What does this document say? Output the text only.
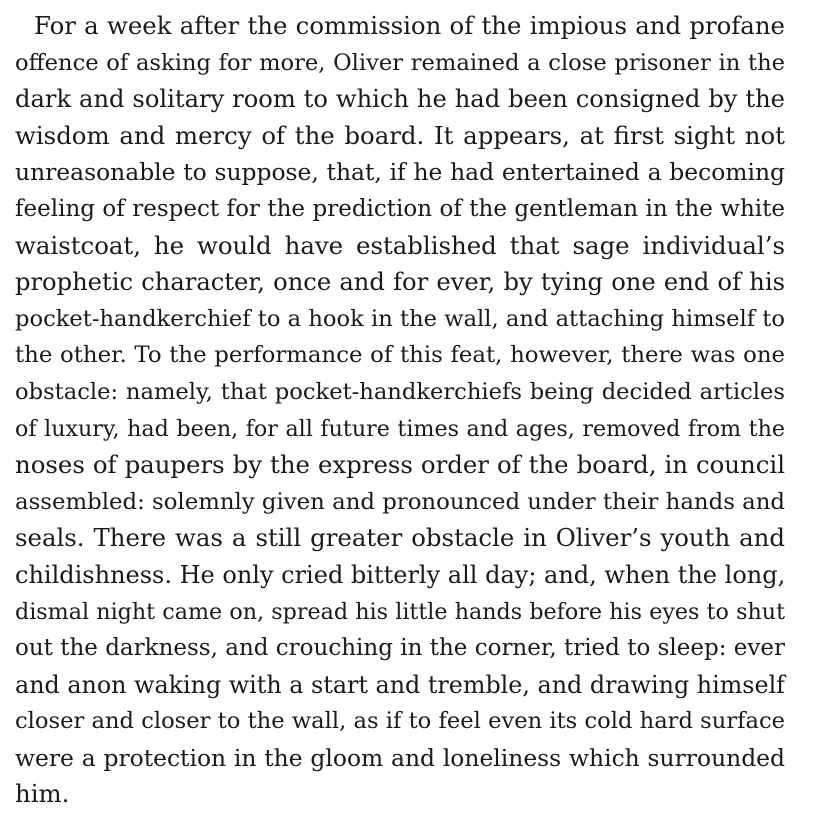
For a week after the commission of the impious and profane
offence of asking for more, Oliver remained a close prisoner in the
dark and solitary room to which he had been consigned by the
wisdom and mercy of the board. It appears, at first sight not
unreasonable to suppose, that, if he had entertained a becoming
feeling of respect for the prediction of the gentleman in the white
waistcoat, he would have established that sage individual’s
prophetic character, once and for ever, by tying one end of his
pocket-handkerchief to a hook in the wall, and attaching himself to
the other. To the performance of this feat, however, there was one
obstacle: namely, that pocket-handkerchiefs being decided articles
of luxury, had been, for all future times and ages, removed from the
noses of paupers by the express order of the board, in council
assembled: solemnly given and pronounced under their hands and
seals. There was a still greater obstacle in Oliver’s youth and
childishness. He only cried bitterly all day; and, when the long,
dismal night came on, spread his little hands before his eyes to shut
out the darkness, and crouching in the corner, tried to sleep: ever
and anon waking with a start and tremble, and drawing himself
closer and closer to the wall, as if to feel even its cold hard surface
were a protection in the gloom and loneliness which surrounded
him.
